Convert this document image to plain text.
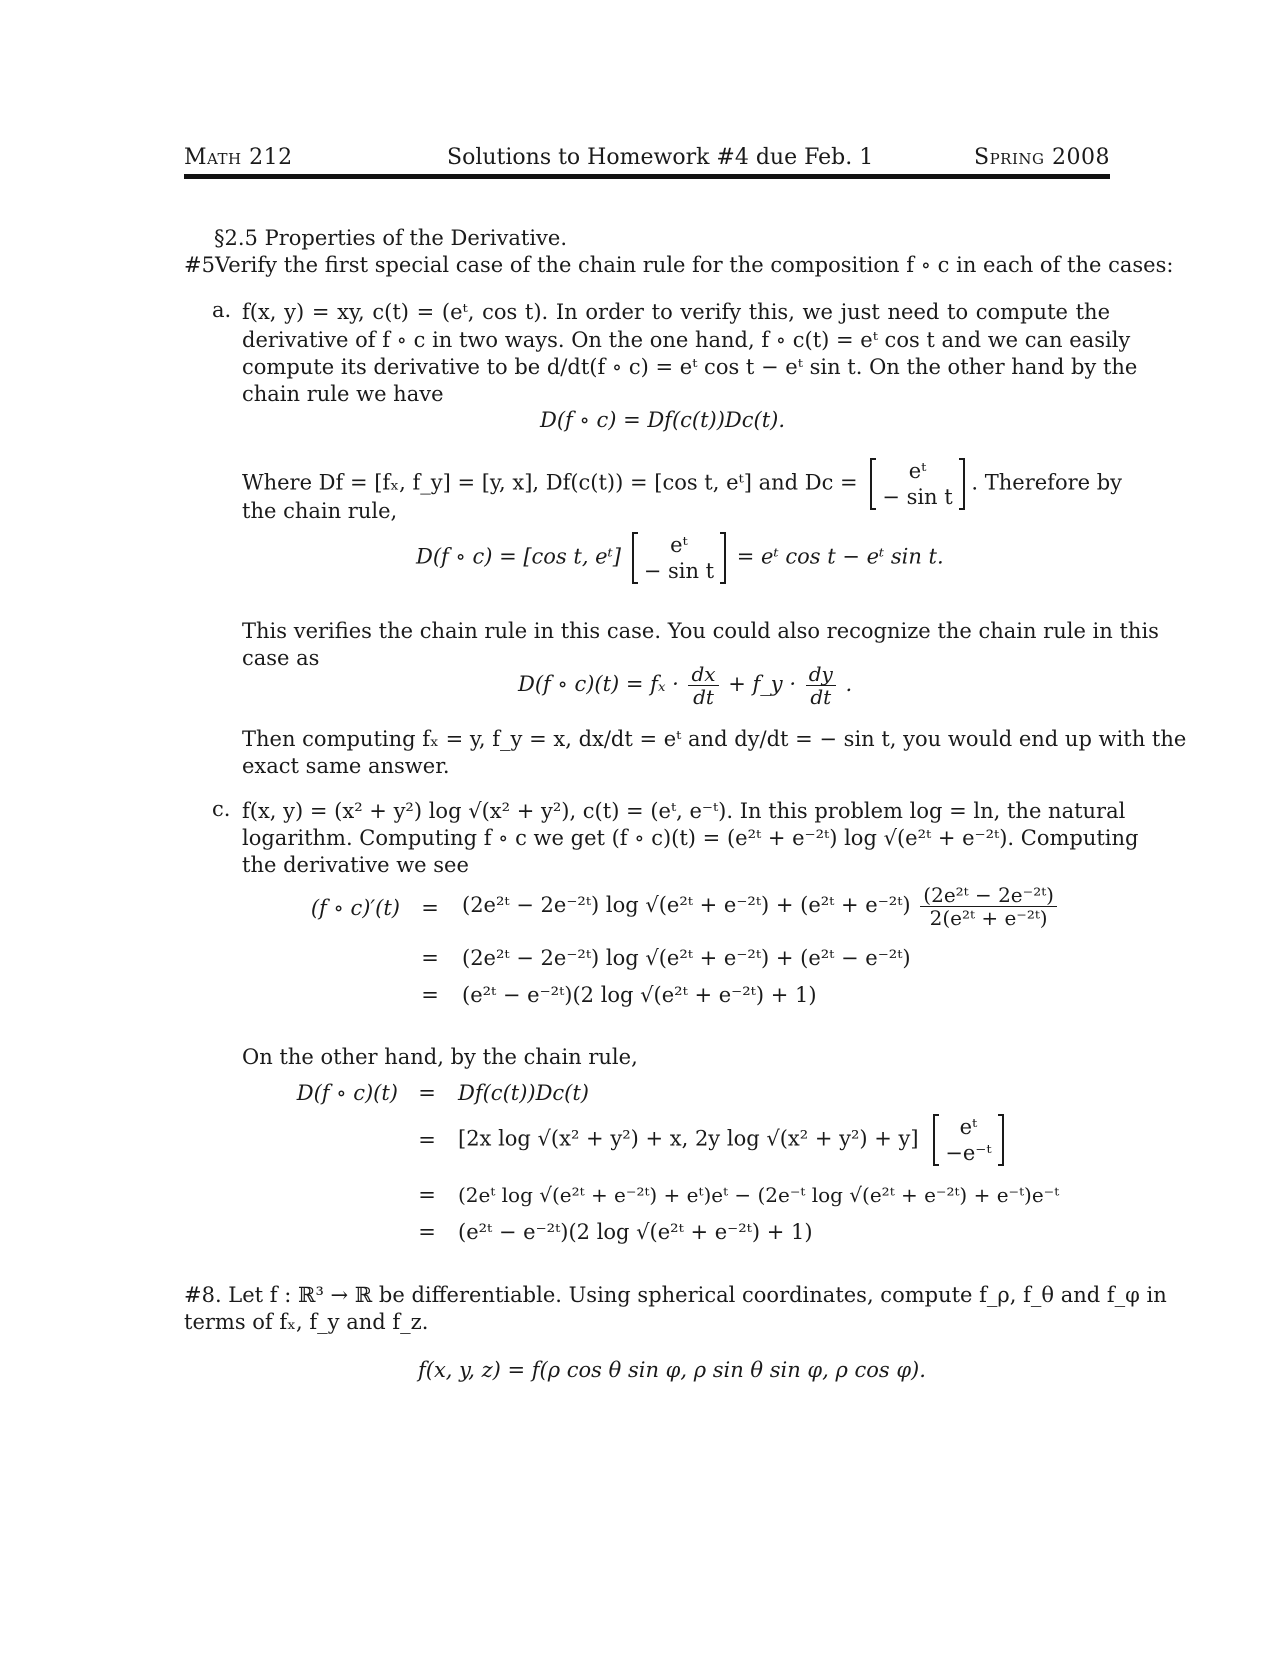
Math 212	Solutions to Homework #4 due Feb. 1	Spring 2008
§2.5 Properties of the Derivative.
#5Verify the first special case of the chain rule for the composition f ∘ c in each of the cases:
a. f(x, y) = xy, c(t) = (eᵗ, cos t). In order to verify this, we just need to compute the
derivative of f ∘ c in two ways. On the one hand, f ∘ c(t) = eᵗ cos t and we can easily
compute its derivative to be d/dt(f ∘ c) = eᵗ cos t − eᵗ sin t. On the other hand by the
chain rule we have
D(f ∘ c) = Df(c(t))Dc(t).
Where Df = [fₓ, f_y] = [y, x], Df(c(t)) = [cos t, eᵗ] and Dc = eᵗ
− sin t
. Therefore by
the chain rule,
D(f ∘ c) = [cos t, eᵗ] eᵗ
− sin t
= eᵗ cos t − eᵗ sin t.
This verifies the chain rule in this case. You could also recognize the chain rule in this
case as
D(f ∘ $c)(t) = f_x \cdot \frac{dx}{dt}$ + f_y · $\frac{dy}{dt}$ .
Then computing fₓ = y, f_y = x, dx/dt = eᵗ and dy/dt = − sin t, you would end up with the
exact same answer.
c. f(x, y) = (x² + y²) log √(x² + y²), c(t) = (eᵗ, e⁻ᵗ). In this problem log = ln, the natural
logarithm. Computing f ∘ c we get (f ∘ c)(t) = (e²ᵗ + e⁻²ᵗ) log √(e²ᵗ + e⁻²ᵗ). Computing
the derivative we see
(f ∘ c)′(t) = (2e²ᵗ − 2e⁻²ᵗ) log √(e²ᵗ + e⁻²ᵗ) + (e²ᵗ + e⁻²ᵗ) $\frac{\text{(2e²ᵗ − 2e⁻²ᵗ)}}{\text{2(e²ᵗ + e⁻²ᵗ)}}$
= (2e²ᵗ − 2e⁻²ᵗ) log √(e²ᵗ + e⁻²ᵗ) + (e²ᵗ − e⁻²ᵗ)
= (e²ᵗ − e⁻²ᵗ)(2 log √(e²ᵗ + e⁻²ᵗ) + 1)
On the other hand, by the chain rule,
D(f ∘ c)(t) = Df(c(t))Dc(t)
= [2x log √(x² + y²) + x, 2y log √(x² + y²) + y] eᵗ
−e⁻ᵗ
=	(2eᵗ log √(e²ᵗ + e⁻²ᵗ) + eᵗ)eᵗ − (2e⁻ᵗ log √(e²ᵗ + e⁻²ᵗ) + e⁻ᵗ)e⁻ᵗ
= (e²ᵗ − e⁻²ᵗ)(2 log √(e²ᵗ + e⁻²ᵗ) + 1)
#8. Let f : ℝ³ → ℝ be differentiable. Using spherical coordinates, compute f_ρ, f_θ and f_φ in
terms of fₓ, f_y and f_z.
f(x, y, z) = f(ρ cos θ sin φ, ρ sin θ sin φ, ρ cos φ).
